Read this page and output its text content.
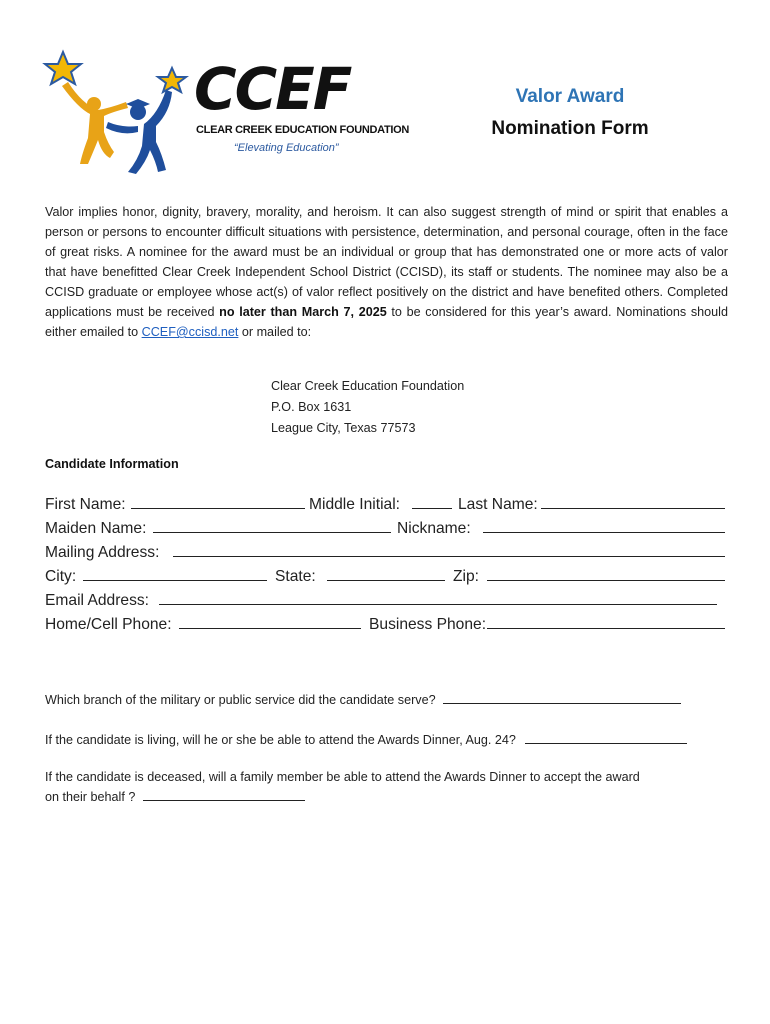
CCEF
CLEAR CREEK EDUCATION FOUNDATION
“Elevating Education”
Valor Award
Nomination Form
Valor implies honor, dignity, bravery, morality, and heroism. It can also suggest strength of mind or spirit that enables a person or persons to encounter difficult situations with persistence, determination, and personal courage, often in the face of great risks. A nominee for the award must be an individual or group that has demonstrated one or more acts of valor that have benefitted Clear Creek Independent School District (CCISD), its staff or students. The nominee may also be a CCISD graduate or employee whose act(s) of valor reflect positively on the district and have benefited others. Completed applications must be received no later than March 7, 2025 to be considered for this year’s award. Nominations should either emailed to CCEF@ccisd.net or mailed to:
Clear Creek Education Foundation
P.O. Box 1631
League City, Texas 77573
Candidate Information
First Name:	Middle Initial:	Last Name:
Maiden Name:	Nickname:
Mailing Address:
City:	State:	Zip:
Email Address:
Home/Cell Phone:	Business Phone:
Which branch of the military or public service did the candidate serve?
If the candidate is living, will he or she be able to attend the Awards Dinner, Aug. 24?
If the candidate is deceased, will a family member be able to attend the Awards Dinner to accept the award
on their behalf ?
